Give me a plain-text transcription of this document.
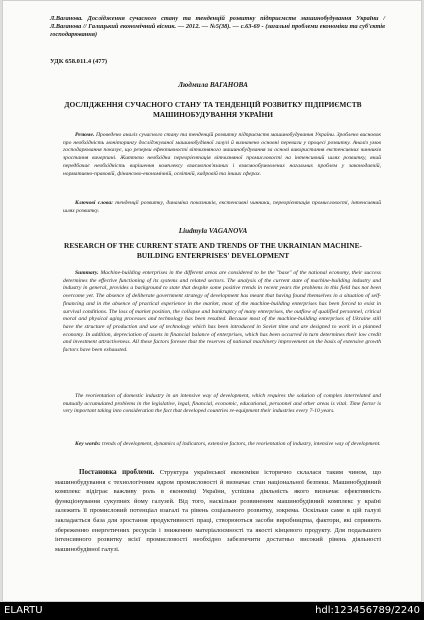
Л.Ваганова. Дослідження сучасного стану та тенденцій розвитку підприємств машинобудування України / Л.Ваганова // Галицький економічний вісник. — 2012. — №5(38). — с.63-69 - (загальні проблеми економіки та суб'єктів господарювання)
УДК 658.011.4 (477)
Людмила ВАГАНОВА
ДОСЛІДЖЕННЯ СУЧАСНОГО СТАНУ ТА ТЕНДЕНЦІЙ РОЗВИТКУ ПІДПРИЄМСТВ МАШИНОБУДУВАННЯ УКРАЇНИ
Резюме. Проведено аналіз сучасного стану та тенденцій розвитку підприємств машинобудування України. Зроблено висновок про необхідність моніторингу досліджуваної машинобудівної галузі й визначено основні переваги у процесі розвитку. Аналіз умов господарювання показує, що резерви ефективності вітчизняного машинобудування за основі використання екстенсивних чинників зростання вичерпані. Життєво необхідна переорієнтація вітчизняної промисловості на інтенсивний шлях розвитку, який передбачає необхідність вирішення комплексу взаємопов'язаних і взаємообумовлених нагальних проблем у законодавчій, нормативно-правовій, фінансово-економічній, освітній, кадровій та інших сферах.
Ключові слова: тенденції розвитку, динаміка показників, екстенсивні чинники, переорієнтація промисловості, інтенсивний шлях розвитку.
Liudmyla VAGANOVA
RESEARCH OF THE CURRENT STATE AND TRENDS OF THE UKRAINIAN MACHINE-BUILDING ENTERPRISES' DEVELOPMENT
Summary. Machine-building enterprises in the different areas are considered to be the "base" of the national economy, their success determines the effective functioning of its systems and related sectors. The analysis of the current state of machine-building industry and industry in general, provides a background to state that despite some positive trends in recent years the problems in this field has not been overcome yet. The absence of deliberate government strategy of development has meant that having found themselves in a situation of self-financing and in the absence of practical experience in the market, most of the machine-building enterprises has been forced to exist in survival conditions. The loss of market position, the collapse and bankruptcy of many enterprises, the outflow of qualified personnel, critical moral and physical aging processes and technology has been resulted. Because most of the machine-building enterprises of Ukraine still have the structure of production and use of technology which has been introduced in Soviet time and are designed to work in a planned economy. In addition, depreciation of assets in financial balance of enterprises, which has been occurred in turn determines their low credit and investment attractiveness. All these factors foresee that the reserves of national machinery improvement on the basis of extensive growth factors have been exhausted.
The reorientation of domestic industry in an intensive way of development, which requires the solution of complex interrelated and mutually accumulated problems in the legislative, legal, financial, economic, educational, personnel and other areas is vital. Time factor is very important taking into consideration the fact that developed countries re-equipment their industries every 7-10 years.
Key words: trends of development, dynamics of indicators, extensive factors, the reorientation of industry, intensive way of development.
Постановка проблеми. Структура української економіки історично склалася таким чином, що машинобудування є технологічним ядром промисловості й визначає стан національної безпеки. Машинобудівний комплекс відіграє важливу роль в економіці України, успішна діяльність якого визначає ефективність функціонування сукупних йому галузей. Від того, наскільки розвиненим машинобудівний комплекс у країні залежить її промисловий потенціал взагалі та рівень соціального розвитку, зокрема. Оскільки саме в цій галузі закладається база для зростання продуктивності праці, створюються засоби виробництва, фактори, які сприяють збереженню енергетичних ресурсів і зниженню матеріалоємності та якості кінцевого продукту. Для подальшого інтенсивного розвитку всієї промисловості необхідно забезпечити достатньо високий рівень діяльності машинобудівної галузі.
ELARTU	hdl:123456789/2240
